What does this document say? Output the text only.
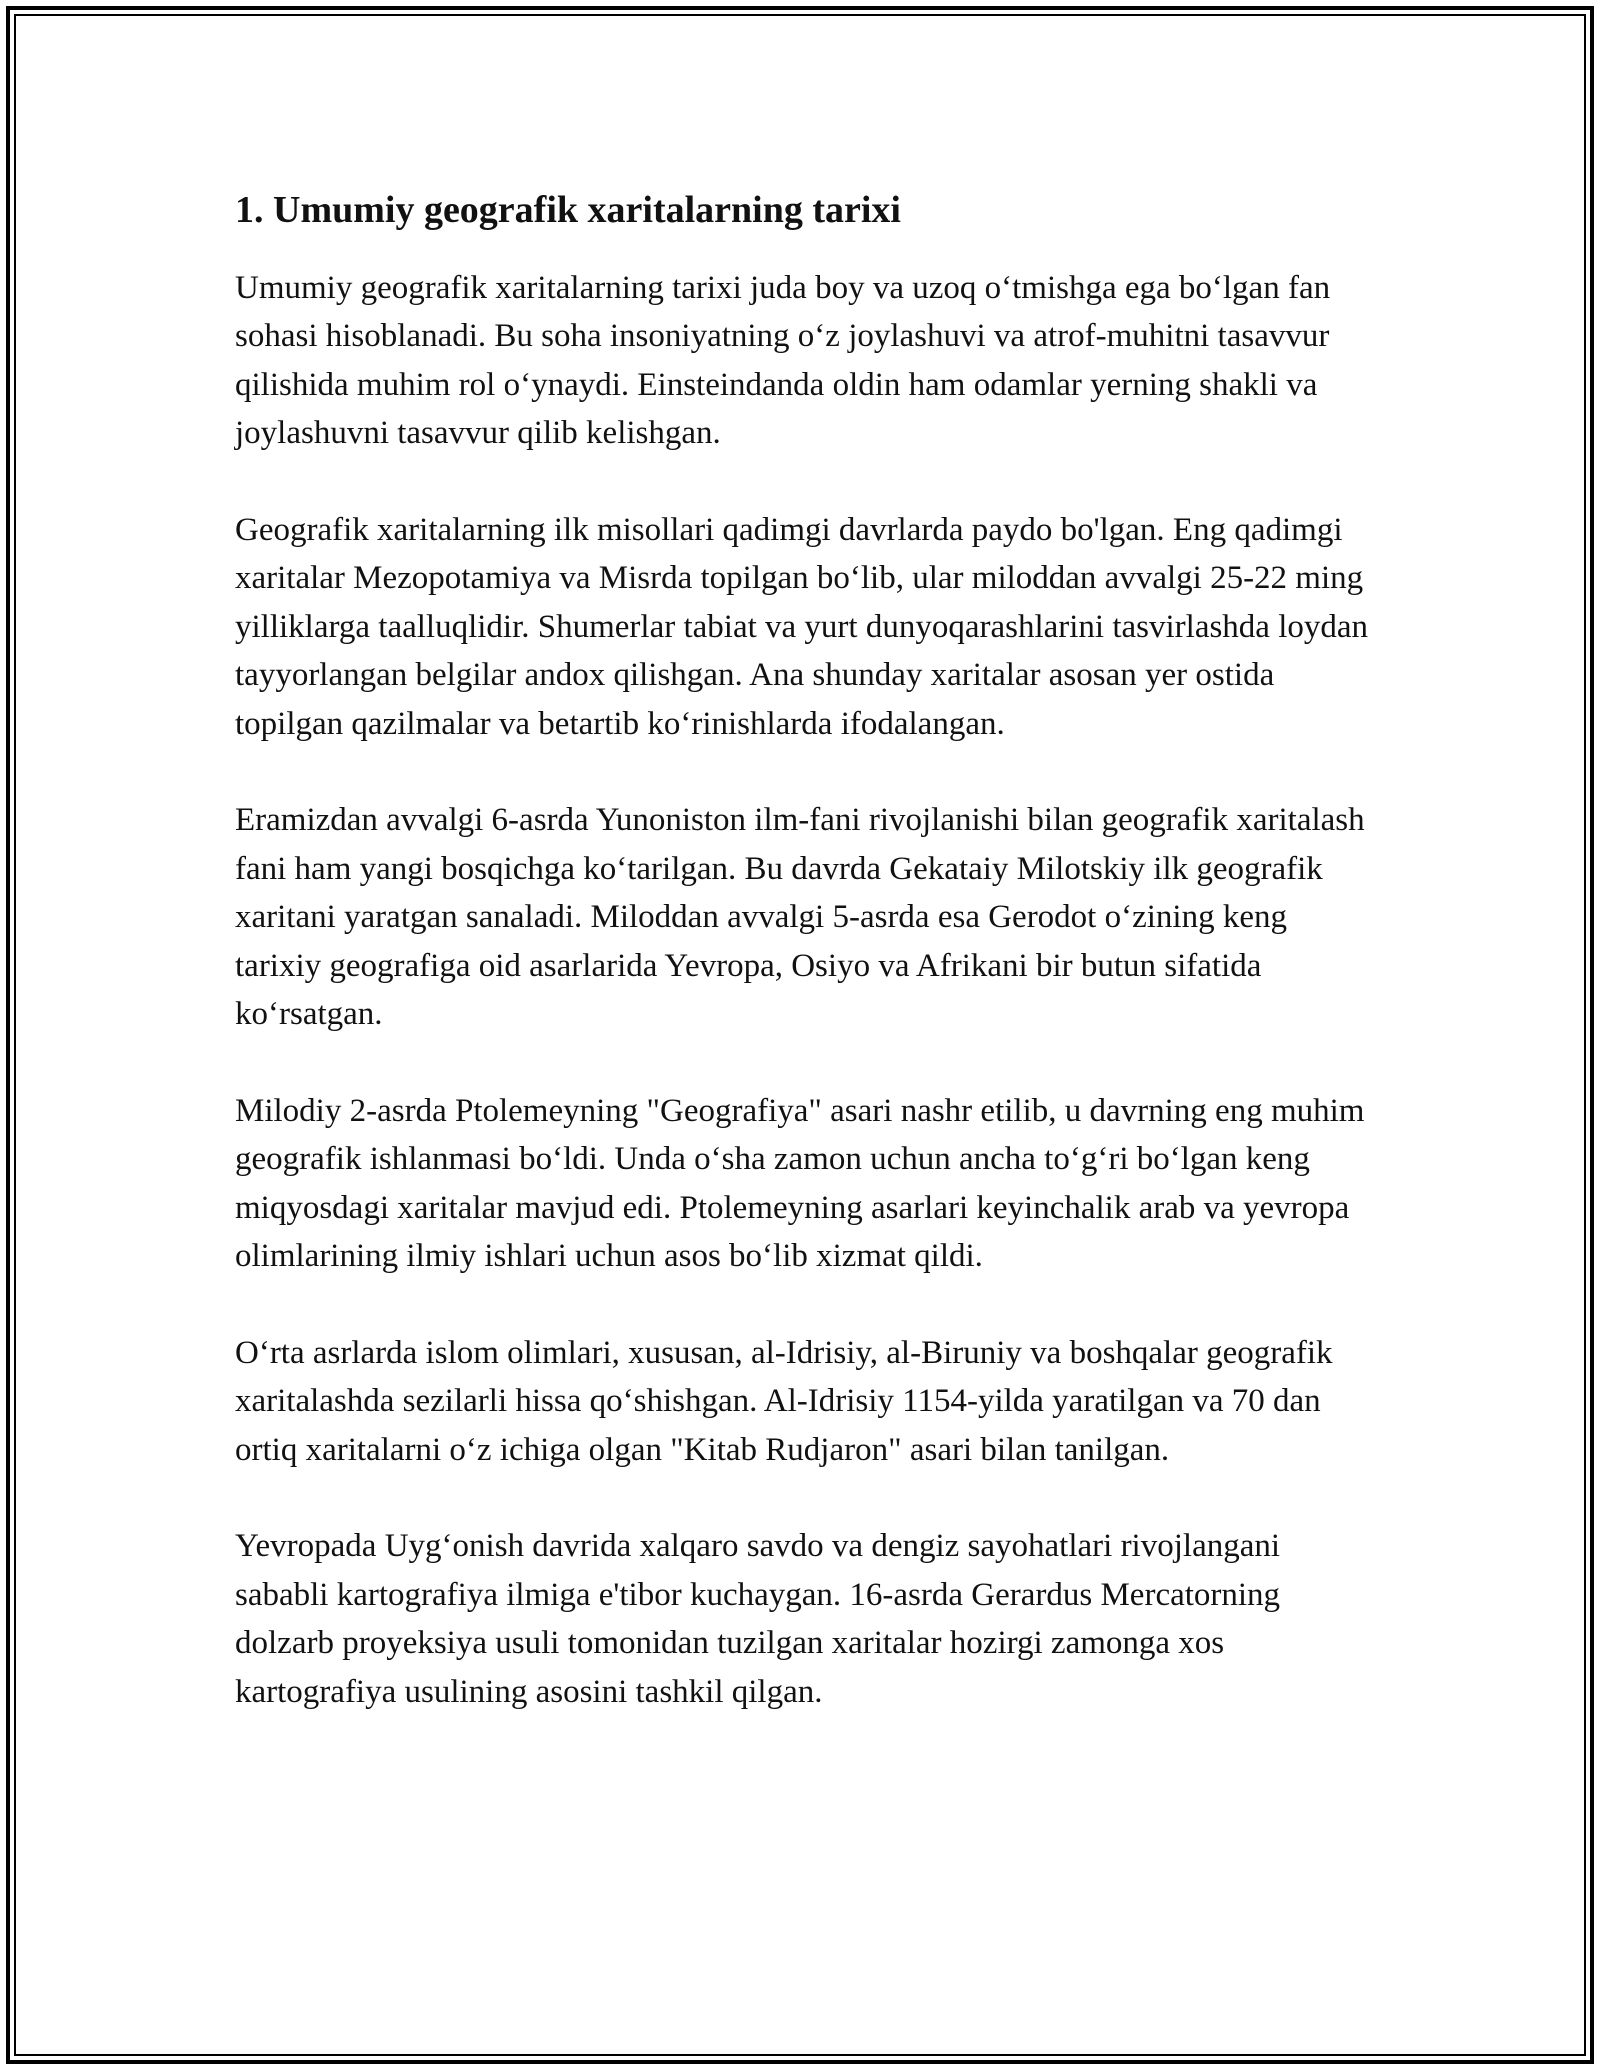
1. Umumiy geografik xaritalarning tarixi

Umumiy geografik xaritalarning tarixi juda boy va uzoq o‘tmishga ega bo‘lgan fan sohasi hisoblanadi. Bu soha insoniyatning o‘z joylashuvi va atrof-muhitni tasavvur qilishida muhim rol o‘ynaydi. Einsteindanda oldin ham odamlar yerning shakli va joylashuvni tasavvur qilib kelishgan.

Geografik xaritalarning ilk misollari qadimgi davrlarda paydo bo'lgan. Eng qadimgi xaritalar Mezopotamiya va Misrda topilgan bo‘lib, ular miloddan avvalgi 25-22 ming yilliklarga taalluqlidir. Shumerlar tabiat va yurt dunyoqarashlarini tasvirlashda loydan tayyorlangan belgilar andox qilishgan. Ana shunday xaritalar asosan yer ostida topilgan qazilmalar va betartib ko‘rinishlarda ifodalangan.

Eramizdan avvalgi 6-asrda Yunoniston ilm-fani rivojlanishi bilan geografik xaritalash fani ham yangi bosqichga ko‘tarilgan. Bu davrda Gekataiy Milotskiy ilk geografik xaritani yaratgan sanaladi. Miloddan avvalgi 5-asrda esa Gerodot o‘zining keng tarixiy geografiga oid asarlarida Yevropa, Osiyo va Afrikani bir butun sifatida ko‘rsatgan.

Milodiy 2-asrda Ptolemeyning "Geografiya" asari nashr etilib, u davrning eng muhim geografik ishlanmasi bo‘ldi. Unda o‘sha zamon uchun ancha to‘g‘ri bo‘lgan keng miqyosdagi xaritalar mavjud edi. Ptolemeyning asarlari keyinchalik arab va yevropa olimlarining ilmiy ishlari uchun asos bo‘lib xizmat qildi.

O‘rta asrlarda islom olimlari, xususan, al-Idrisiy, al-Biruniy va boshqalar geografik xaritalashda sezilarli hissa qo‘shishgan. Al-Idrisiy 1154-yilda yaratilgan va 70 dan ortiq xaritalarni o‘z ichiga olgan "Kitab Rudjaron" asari bilan tanilgan.

Yevropada Uyg‘onish davrida xalqaro savdo va dengiz sayohatlari rivojlangani sababli kartografiya ilmiga e'tibor kuchaygan. 16-asrda Gerardus Mercatorning dolzarb proyeksiya usuli tomonidan tuzilgan xaritalar hozirgi zamonga xos kartografiya usulining asosini tashkil qilgan.
